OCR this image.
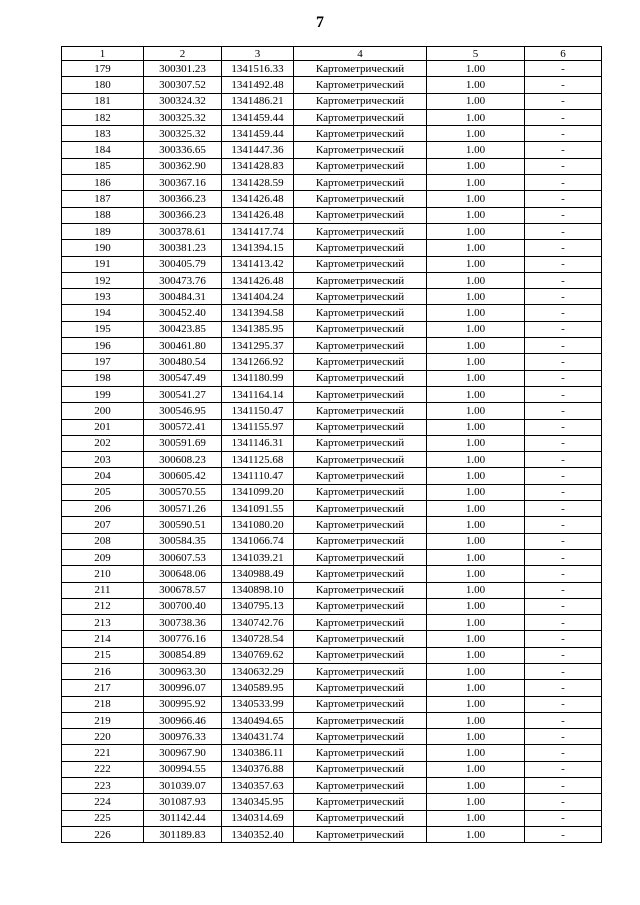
7
1	2	3	4	5	6
179	300301.23	1341516.33	Картометрический	1.00	-
180	300307.52	1341492.48	Картометрический	1.00	-
181	300324.32	1341486.21	Картометрический	1.00	-
182	300325.32	1341459.44	Картометрический	1.00	-
183	300325.32	1341459.44	Картометрический	1.00	-
184	300336.65	1341447.36	Картометрический	1.00	-
185	300362.90	1341428.83	Картометрический	1.00	-
186	300367.16	1341428.59	Картометрический	1.00	-
187	300366.23	1341426.48	Картометрический	1.00	-
188	300366.23	1341426.48	Картометрический	1.00	-
189	300378.61	1341417.74	Картометрический	1.00	-
190	300381.23	1341394.15	Картометрический	1.00	-
191	300405.79	1341413.42	Картометрический	1.00	-
192	300473.76	1341426.48	Картометрический	1.00	-
193	300484.31	1341404.24	Картометрический	1.00	-
194	300452.40	1341394.58	Картометрический	1.00	-
195	300423.85	1341385.95	Картометрический	1.00	-
196	300461.80	1341295.37	Картометрический	1.00	-
197	300480.54	1341266.92	Картометрический	1.00	-
198	300547.49	1341180.99	Картометрический	1.00	-
199	300541.27	1341164.14	Картометрический	1.00	-
200	300546.95	1341150.47	Картометрический	1.00	-
201	300572.41	1341155.97	Картометрический	1.00	-
202	300591.69	1341146.31	Картометрический	1.00	-
203	300608.23	1341125.68	Картометрический	1.00	-
204	300605.42	1341110.47	Картометрический	1.00	-
205	300570.55	1341099.20	Картометрический	1.00	-
206	300571.26	1341091.55	Картометрический	1.00	-
207	300590.51	1341080.20	Картометрический	1.00	-
208	300584.35	1341066.74	Картометрический	1.00	-
209	300607.53	1341039.21	Картометрический	1.00	-
210	300648.06	1340988.49	Картометрический	1.00	-
211	300678.57	1340898.10	Картометрический	1.00	-
212	300700.40	1340795.13	Картометрический	1.00	-
213	300738.36	1340742.76	Картометрический	1.00	-
214	300776.16	1340728.54	Картометрический	1.00	-
215	300854.89	1340769.62	Картометрический	1.00	-
216	300963.30	1340632.29	Картометрический	1.00	-
217	300996.07	1340589.95	Картометрический	1.00	-
218	300995.92	1340533.99	Картометрический	1.00	-
219	300966.46	1340494.65	Картометрический	1.00	-
220	300976.33	1340431.74	Картометрический	1.00	-
221	300967.90	1340386.11	Картометрический	1.00	-
222	300994.55	1340376.88	Картометрический	1.00	-
223	301039.07	1340357.63	Картометрический	1.00	-
224	301087.93	1340345.95	Картометрический	1.00	-
225	301142.44	1340314.69	Картометрический	1.00	-
226	301189.83	1340352.40	Картометрический	1.00	-
